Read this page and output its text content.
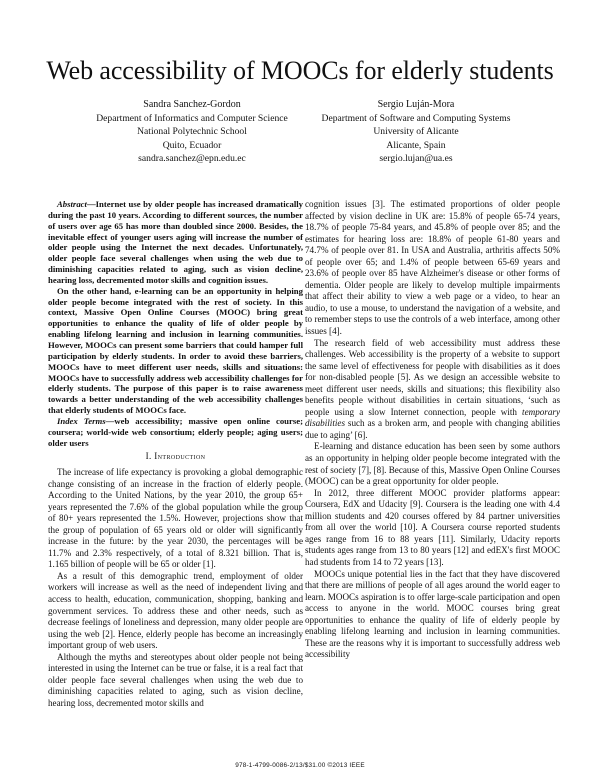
Web accessibility of MOOCs for elderly students
Sandra Sanchez-Gordon
Department of Informatics and Computer Science
National Polytechnic School
Quito, Ecuador
sandra.sanchez@epn.edu.ec
Sergio Luján-Mora
Department of Software and Computing Systems
University of Alicante
Alicante, Spain
sergio.lujan@ua.es

Abstract—Internet use by older people has increased dramatically during the past 10 years. According to different sources, the number of users over age 65 has more than doubled since 2000. Besides, the inevitable effect of younger users aging will increase the number of older people using the Internet the next decades. Unfortunately, older people face several challenges when using the web due to diminishing capacities related to aging, such as vision decline, hearing loss, decremented motor skills and cognition issues.

On the other hand, e-learning can be an opportunity in helping older people become integrated with the rest of society. In this context, Massive Open Online Courses (MOOC) bring great opportunities to enhance the quality of life of older people by enabling lifelong learning and inclusion in learning communities. However, MOOCs can present some barriers that could hamper full participation by elderly students. In order to avoid these barriers, MOOCs have to meet different user needs, skills and situations: MOOCs have to successfully address web accessibility challenges for elderly students. The purpose of this paper is to raise awareness towards a better understanding of the web accessibility challenges that elderly students of MOOCs face.

Index Terms—web accessibility; massive open online course; coursera; world-wide web consortium; elderly people; aging users; older users

I. Introduction

The increase of life expectancy is provoking a global demographic change consisting of an increase in the fraction of elderly people. According to the United Nations, by the year 2010, the group 65+ years represented the 7.6% of the global population while the group of 80+ years represented the 1.5%. However, projections show that the group of population of 65 years old or older will significantly increase in the future: by the year 2030, the percentages will be 11.7% and 2.3% respectively, of a total of 8.321 billion. That is, 1.165 billion of people will be 65 or older [1].

As a result of this demographic trend, employment of older workers will increase as well as the need of independent living and access to health, education, communication, shopping, banking and government services. To address these and other needs, such as decrease feelings of loneliness and depression, many older people are using the web [2]. Hence, elderly people has become an increasingly important group of web users.

Although the myths and stereotypes about older people not being interested in using the Internet can be true or false, it is a real fact that older people face several challenges when using the web due to diminishing capacities related to aging, such as vision decline, hearing loss, decremented motor skills and

cognition issues [3]. The estimated proportions of older people affected by vision decline in UK are: 15.8% of people 65-74 years, 18.7% of people 75-84 years, and 45.8% of people over 85; and the estimates for hearing loss are: 18.8% of people 61-80 years and 74.7% of people over 81. In USA and Australia, arthritis affects 50% of people over 65; and 1.4% of people between 65-69 years and 23.6% of people over 85 have Alzheimer's disease or other forms of dementia. Older people are likely to develop multiple impairments that affect their ability to view a web page or a video, to hear an audio, to use a mouse, to understand the navigation of a website, and to remember steps to use the controls of a web interface, among other issues [4].

The research field of web accessibility must address these challenges. Web accessibility is the property of a website to support the same level of effectiveness for people with disabilities as it does for non-disabled people [5]. As we design an accessible website to meet different user needs, skills and situations; this flexibility also benefits people without disabilities in certain situations, ‘such as people using a slow Internet connection, people with temporary disabilities such as a broken arm, and people with changing abilities due to aging’ [6].

E-learning and distance education has been seen by some authors as an opportunity in helping older people become integrated with the rest of society [7], [8]. Because of this, Massive Open Online Courses (MOOC) can be a great opportunity for older people.

In 2012, three different MOOC provider platforms appear: Coursera, EdX and Udacity [9]. Coursera is the leading one with 4.4 million students and 420 courses offered by 84 partner universities from all over the world [10]. A Coursera course reported students ages range from 16 to 88 years [11]. Similarly, Udacity reports students ages range from 13 to 80 years [12] and edEX's first MOOC had students from 14 to 72 years [13].

MOOCs unique potential lies in the fact that they have discovered that there are millions of people of all ages around the world eager to learn. MOOCs aspiration is to offer large-scale participation and open access to anyone in the world. MOOC courses bring great opportunities to enhance the quality of life of elderly people by enabling lifelong learning and inclusion in learning communities. These are the reasons why it is important to successfully address web accessibility

978-1-4799-0086-2/13/$31.00 ©2013 IEEE
